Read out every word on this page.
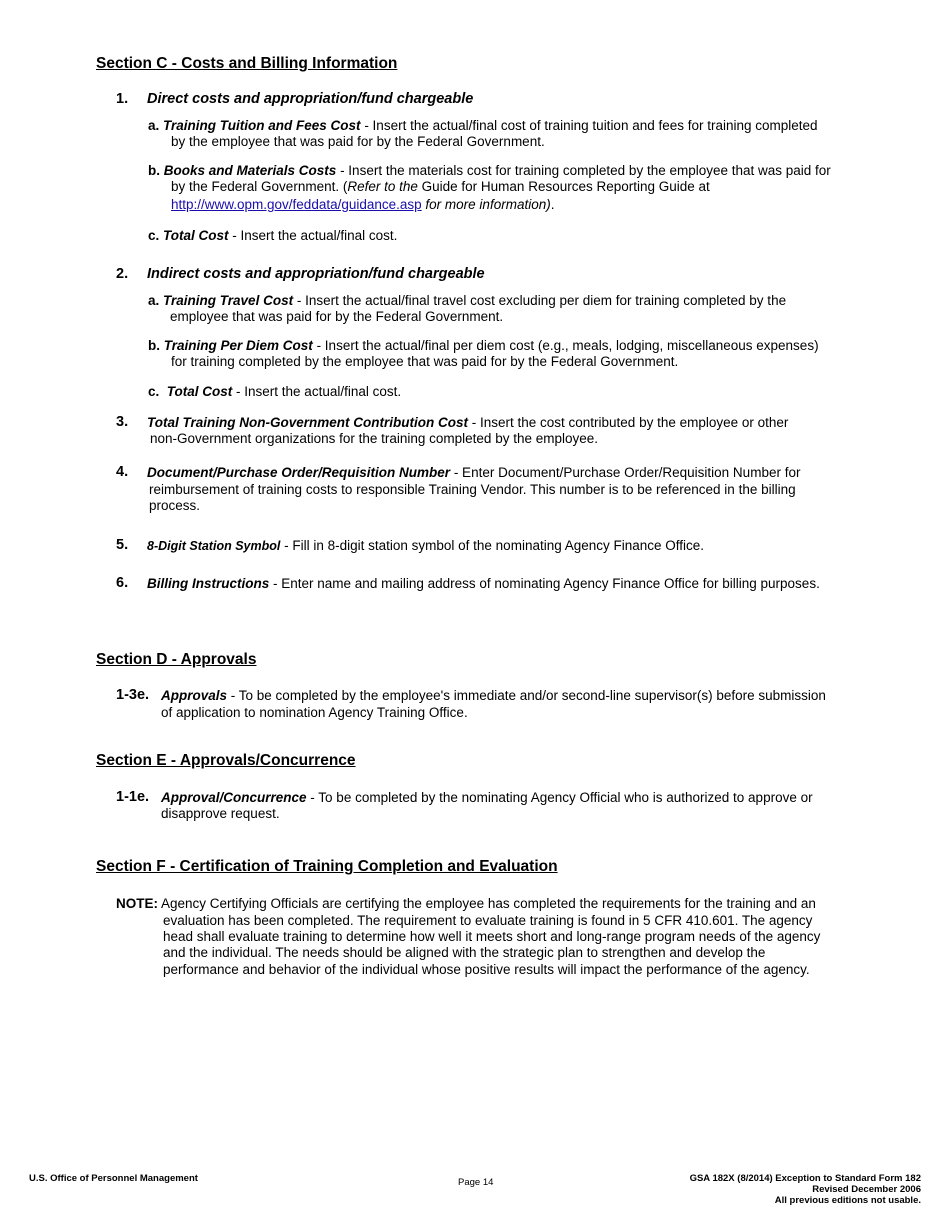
Section C - Costs and Billing Information
1. Direct costs and appropriation/fund chargeable
a. Training Tuition and Fees Cost - Insert the actual/final cost of training tuition and fees for training completed
by the employee that was paid for by the Federal Government.
b. Books and Materials Costs - Insert the materials cost for training completed by the employee that was paid for
by the Federal Government. (Refer to the Guide for Human Resources Reporting Guide at
http://www.opm.gov/feddata/guidance.asp for more information).
c. Total Cost - Insert the actual/final cost.
2. Indirect costs and appropriation/fund chargeable
a. Training Travel Cost - Insert the actual/final travel cost excluding per diem for training completed by the
employee that was paid for by the Federal Government.
b. Training Per Diem Cost - Insert the actual/final per diem cost (e.g., meals, lodging, miscellaneous expenses)
for training completed by the employee that was paid for by the Federal Government.
c. Total Cost - Insert the actual/final cost.
3. Total Training Non-Government Contribution Cost - Insert the cost contributed by the employee or other
non-Government organizations for the training completed by the employee.
4. Document/Purchase Order/Requisition Number - Enter Document/Purchase Order/Requisition Number for
reimbursement of training costs to responsible Training Vendor. This number is to be referenced in the billing
process.
5. 8-Digit Station Symbol - Fill in 8-digit station symbol of the nominating Agency Finance Office.
6. Billing Instructions - Enter name and mailing address of nominating Agency Finance Office for billing purposes.
Section D - Approvals
1-3e. Approvals - To be completed by the employee's immediate and/or second-line supervisor(s) before submission
of application to nomination Agency Training Office.
Section E - Approvals/Concurrence
1-1e. Approval/Concurrence - To be completed by the nominating Agency Official who is authorized to approve or
disapprove request.
Section F - Certification of Training Completion and Evaluation
NOTE: Agency Certifying Officials are certifying the employee has completed the requirements for the training and an
evaluation has been completed. The requirement to evaluate training is found in 5 CFR 410.601. The agency
head shall evaluate training to determine how well it meets short and long-range program needs of the agency
and the individual. The needs should be aligned with the strategic plan to strengthen and develop the
performance and behavior of the individual whose positive results will impact the performance of the agency.
U.S. Office of Personnel Management	Page 14	GSA 182X (8/2014) Exception to Standard Form 182
Revised December 2006
All previous editions not usable.
